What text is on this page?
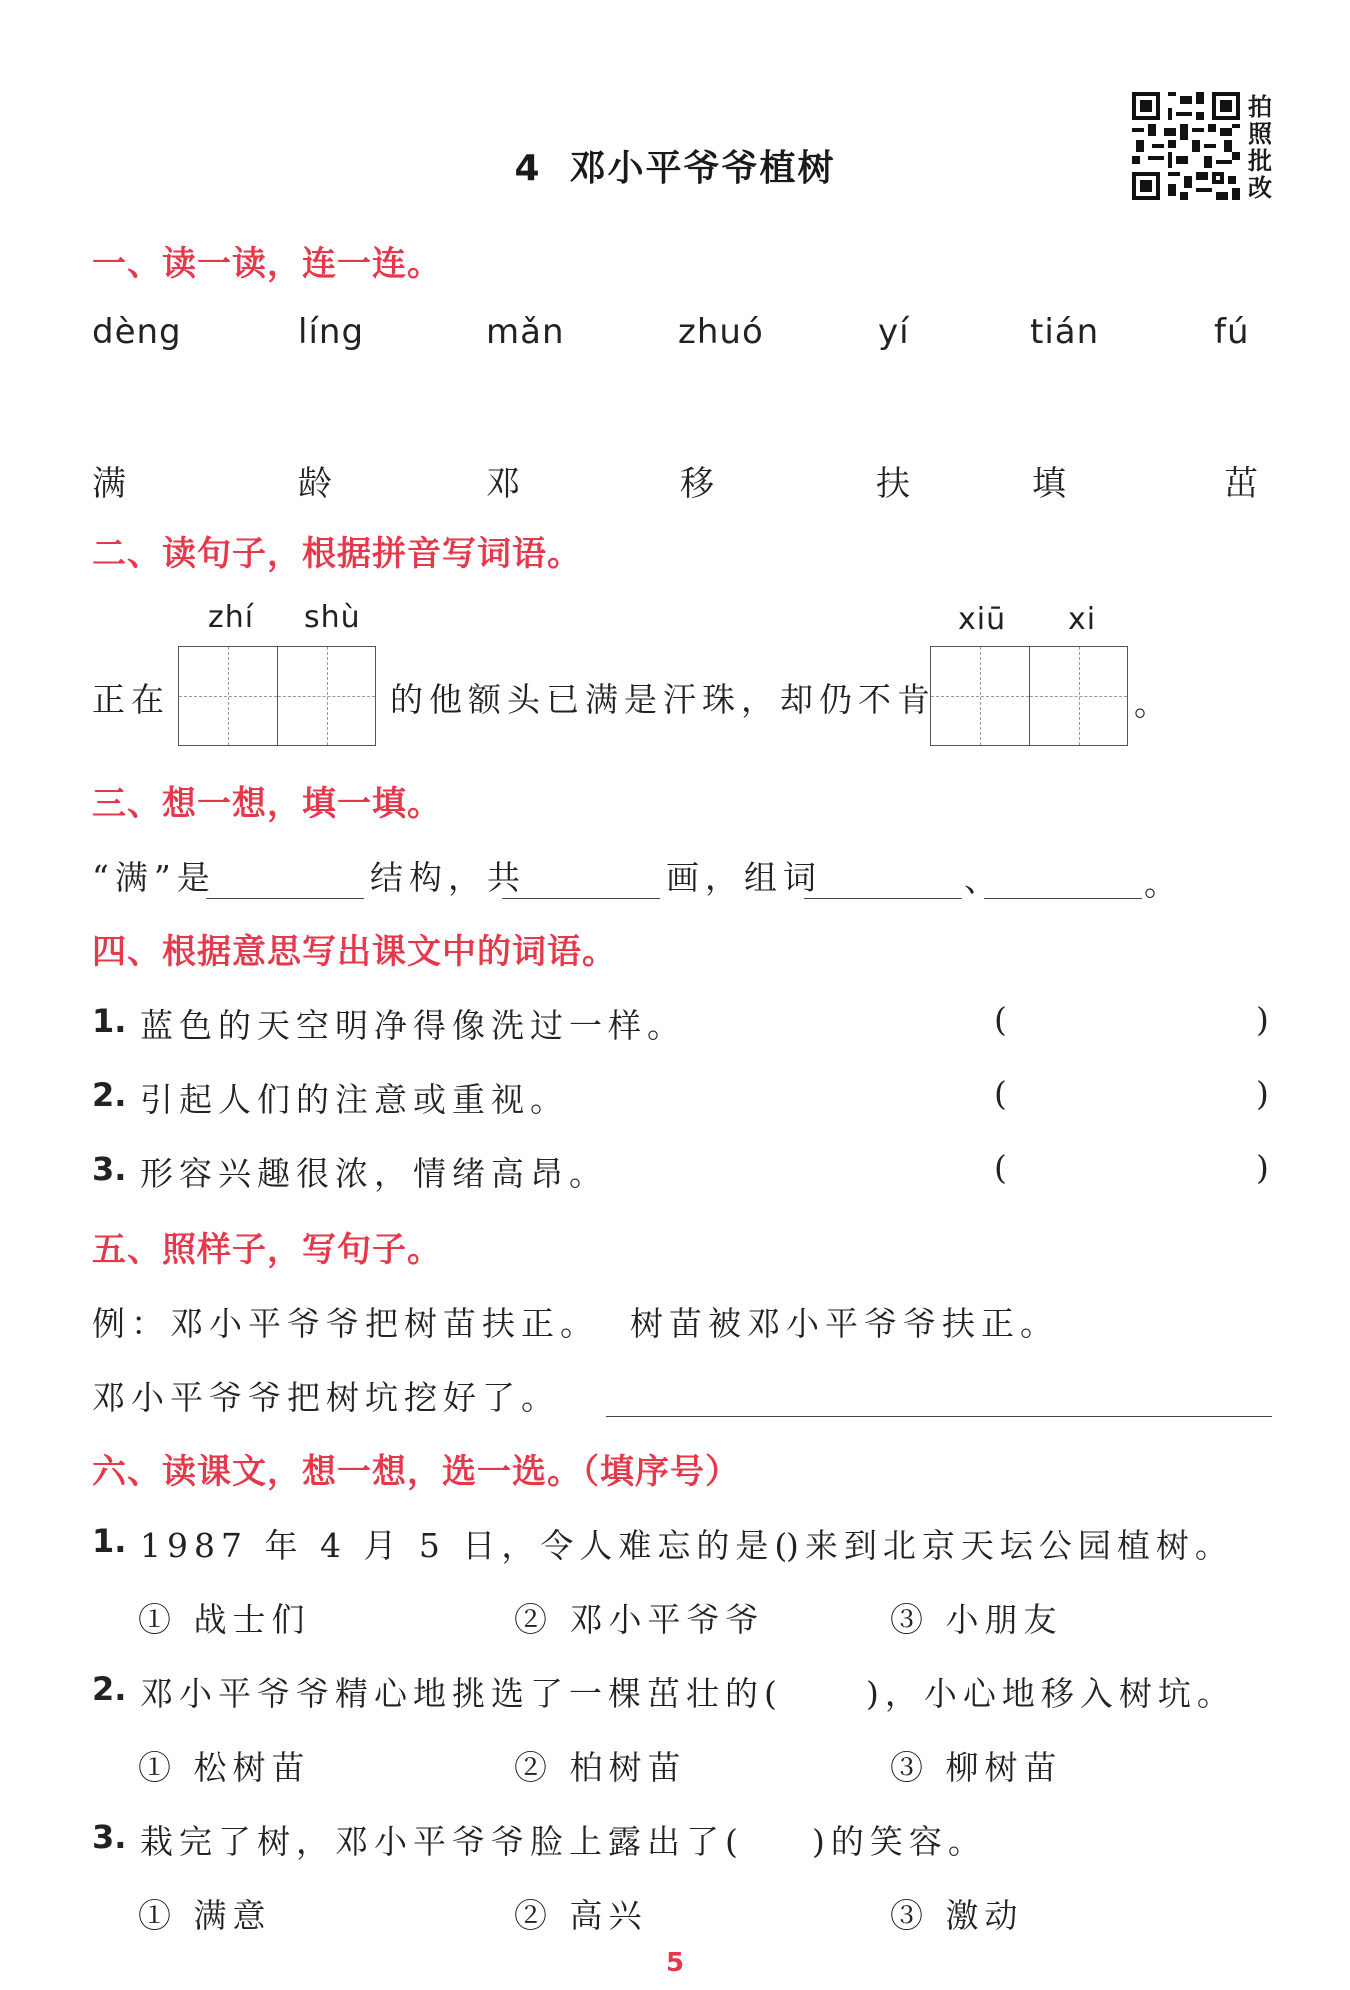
4 邓小平爷爷植树
拍
照
批
改
一、读一读，连一连。
dèng	líng	mǎn	zhuó	yí	tián	fú
满	龄	邓	移	扶	填	茁
二、读句子，根据拼音写词语。
zhí shù	xiū xi
正在	的他额头已满是汗珠，却仍不肯	。
三、想一想，填一填。
“满”是	结构，共	画，组词	、	。
四、根据意思写出课文中的词语。
1. 蓝色的天空明净得像洗过一样。	(	)
2. 引起人们的注意或重视。	(	)
3. 形容兴趣很浓，情绪高昂。	(	)
五、照样子，写句子。
例：邓小平爷爷把树苗扶正。 树苗被邓小平爷爷扶正。
邓小平爷爷把树坑挖好了。
六、读课文，想一想，选一选。（填序号）
1. 1987 年 4 月 5 日，令人难忘的是(
)来到北京天坛公园植树。
① 战士们	② 邓小平爷爷	③ 小朋友
2. 邓小平爷爷精心地挑选了一棵茁壮的(	)，小心地移入树坑。
① 松树苗	② 柏树苗	③ 柳树苗
3. 栽完了树，邓小平爷爷脸上露出了( )的笑容。
① 满意	② 高兴	③ 激动
5
